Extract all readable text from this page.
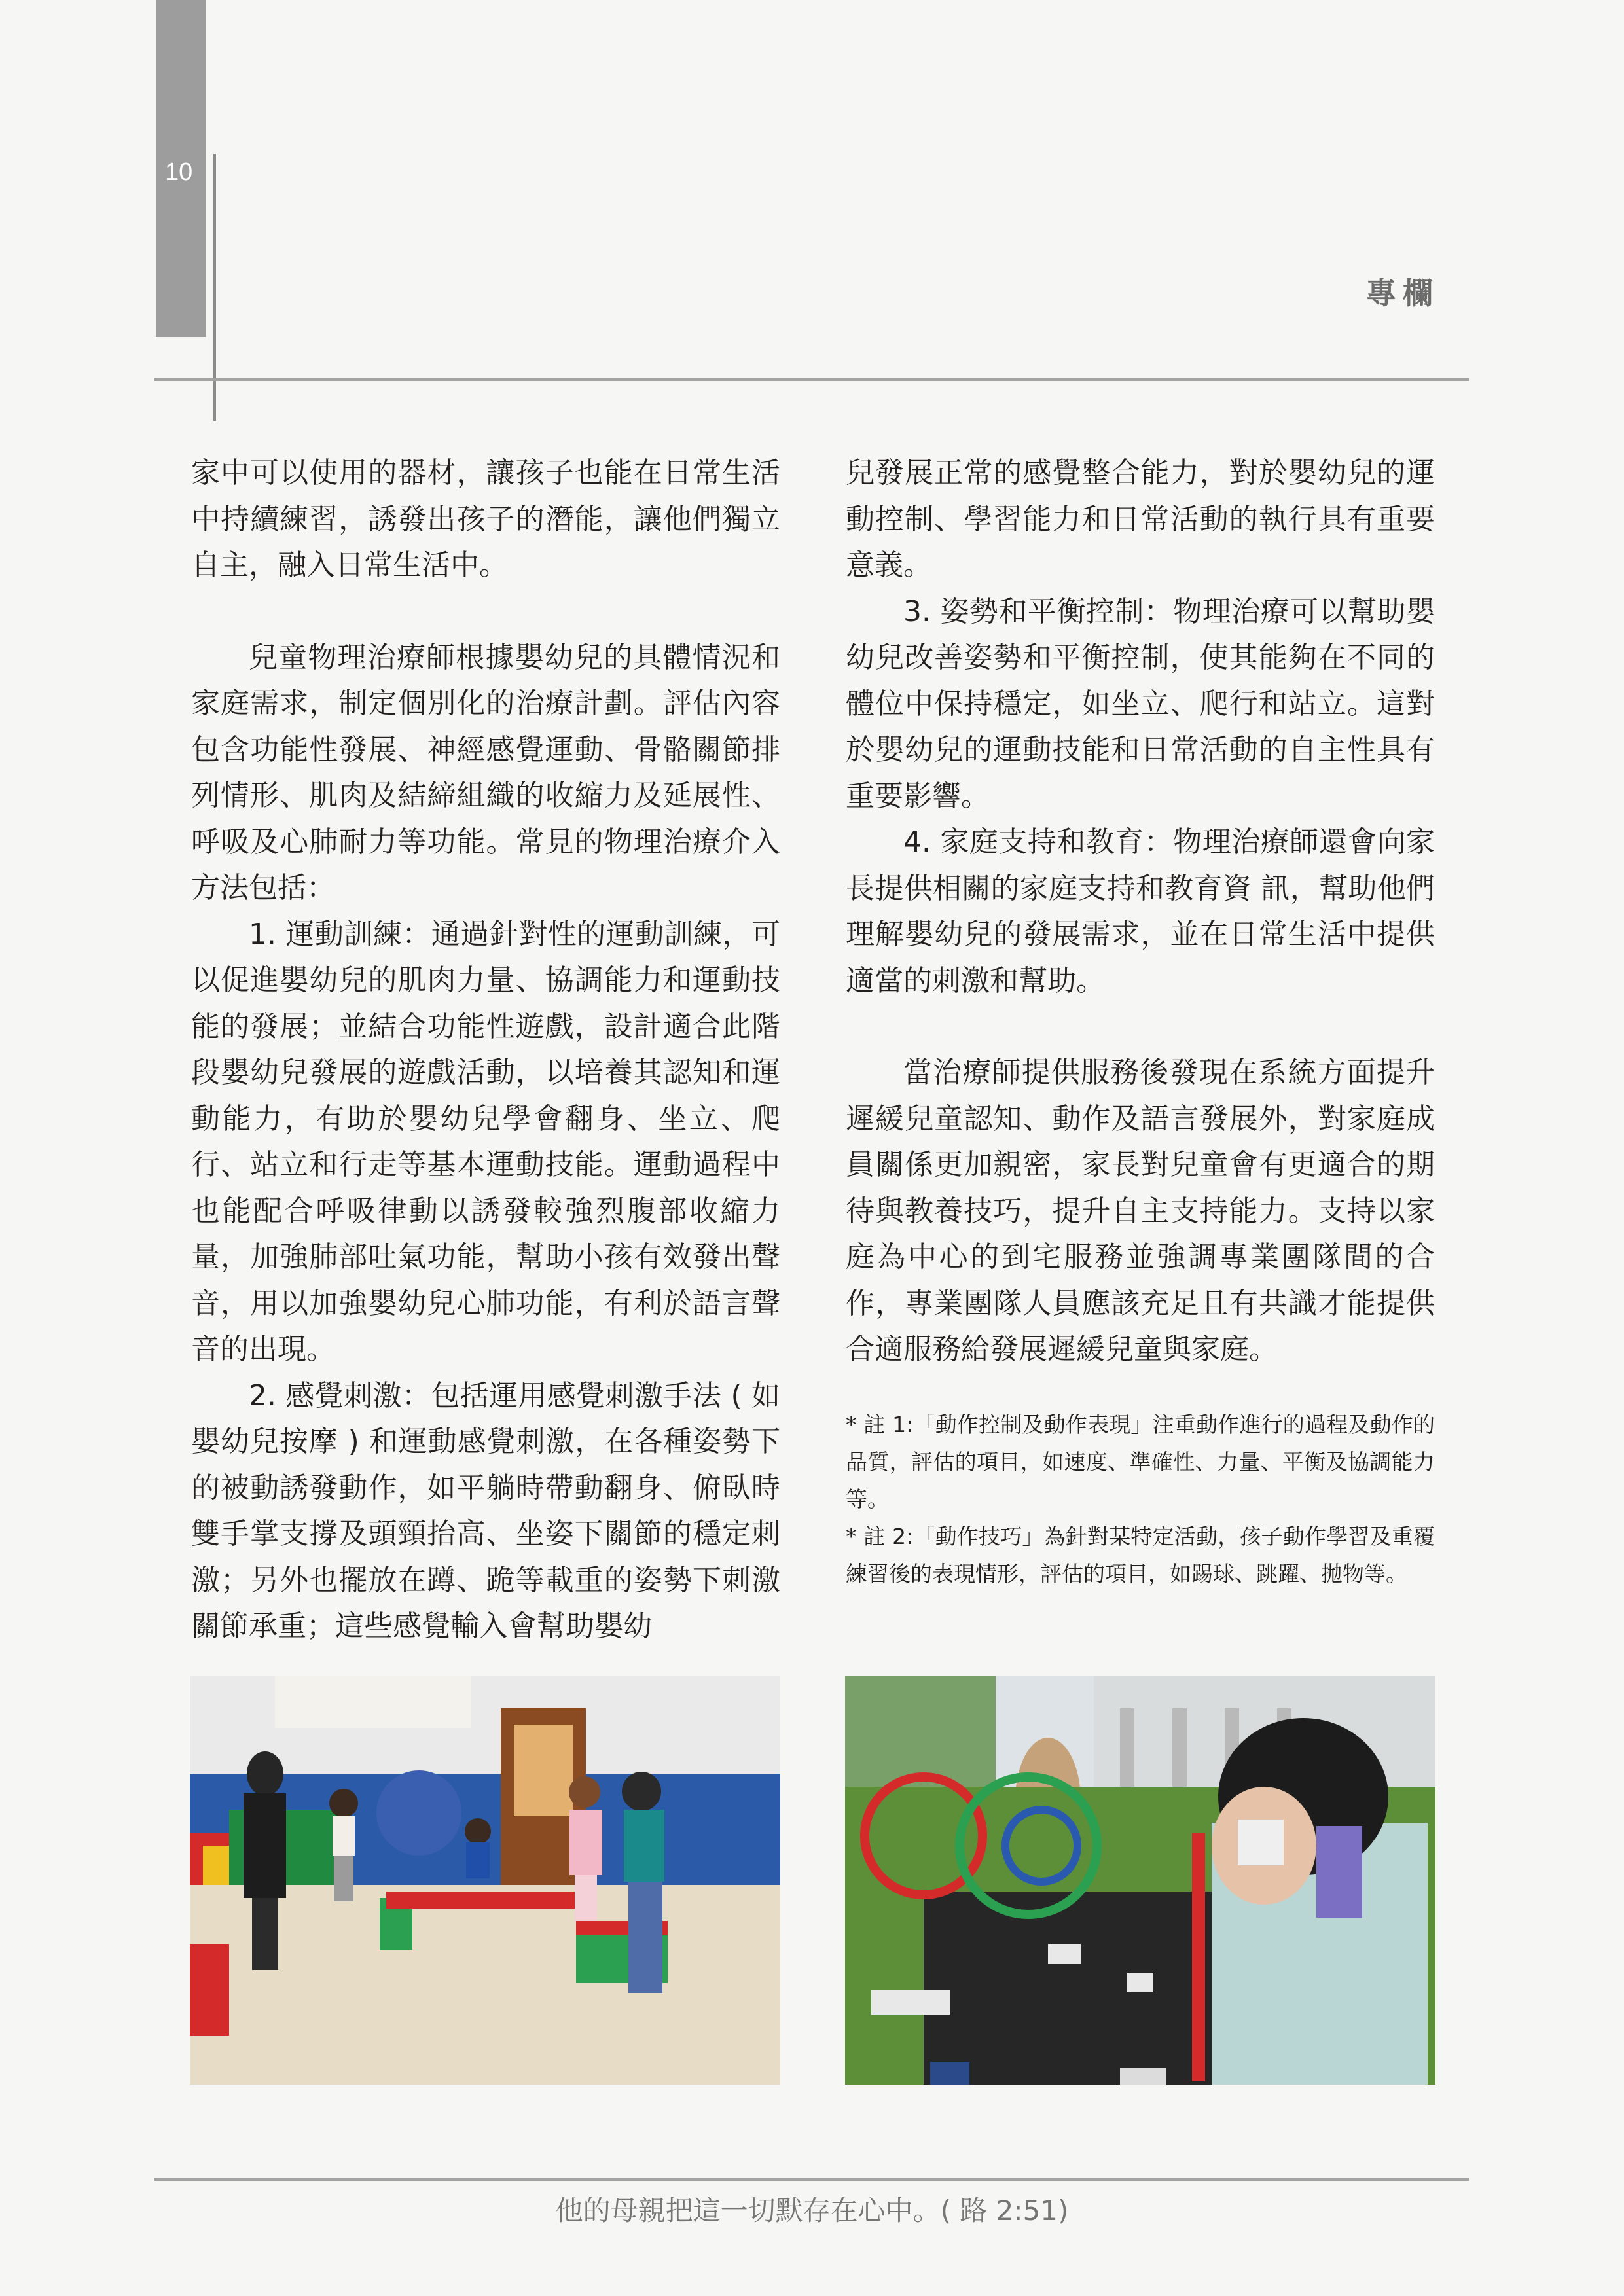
10
專欄

家中可以使用的器材，讓孩子也能在日常生活中持續練習，誘發出孩子的潛能，讓他們獨立自主，融入日常生活中。

兒童物理治療師根據嬰幼兒的具體情況和家庭需求，制定個別化的治療計劃。評估內容包含功能性發展、神經感覺運動、骨骼關節排列情形、肌肉及結締組織的收縮力及延展性、呼吸及心肺耐力等功能。常見的物理治療介入方法包括：

1. 運動訓練：通過針對性的運動訓練，可以促進嬰幼兒的肌肉力量、協調能力和運動技能的發展；並結合功能性遊戲，設計適合此階段嬰幼兒發展的遊戲活動，以培養其認知和運動能力，有助於嬰幼兒學會翻身、坐立、爬行、站立和行走等基本運動技能。運動過程中也能配合呼吸律動以誘發較強烈腹部收縮力量，加強肺部吐氣功能，幫助小孩有效發出聲音，用以加強嬰幼兒心肺功能，有利於語言聲音的出現。

2. 感覺刺激：包括運用感覺刺激手法 ( 如嬰幼兒按摩 ) 和運動感覺刺激，在各種姿勢下的被動誘發動作，如平躺時帶動翻身、俯臥時雙手掌支撐及頭頸抬高、坐姿下關節的穩定刺激；另外也擺放在蹲、跪等載重的姿勢下刺激關節承重；這些感覺輸入會幫助嬰幼

兒發展正常的感覺整合能力，對於嬰幼兒的運動控制、學習能力和日常活動的執行具有重要意義。

3. 姿勢和平衡控制：物理治療可以幫助嬰幼兒改善姿勢和平衡控制，使其能夠在不同的體位中保持穩定，如坐立、爬行和站立。這對於嬰幼兒的運動技能和日常活動的自主性具有重要影響。

4. 家庭支持和教育：物理治療師還會向家長提供相關的家庭支持和教育資 訊，幫助他們理解嬰幼兒的發展需求，並在日常生活中提供適當的刺激和幫助。

當治療師提供服務後發現在系統方面提升遲緩兒童認知、動作及語言發展外，對家庭成員關係更加親密，家長對兒童會有更適合的期待與教養技巧，提升自主支持能力。支持以家庭為中心的到宅服務並強調專業團隊間的合作，專業團隊人員應該充足且有共識才能提供合適服務給發展遲緩兒童與家庭。

* 註 1:「動作控制及動作表現」注重動作進行的過程及動作的品質，評估的項目，如速度、準確性、力量、平衡及協調能力等。

* 註 2:「動作技巧」為針對某特定活動，孩子動作學習及重覆練習後的表現情形，評估的項目，如踢球、跳躍、拋物等。

他的母親把這一切默存在心中。( 路 2:51)
